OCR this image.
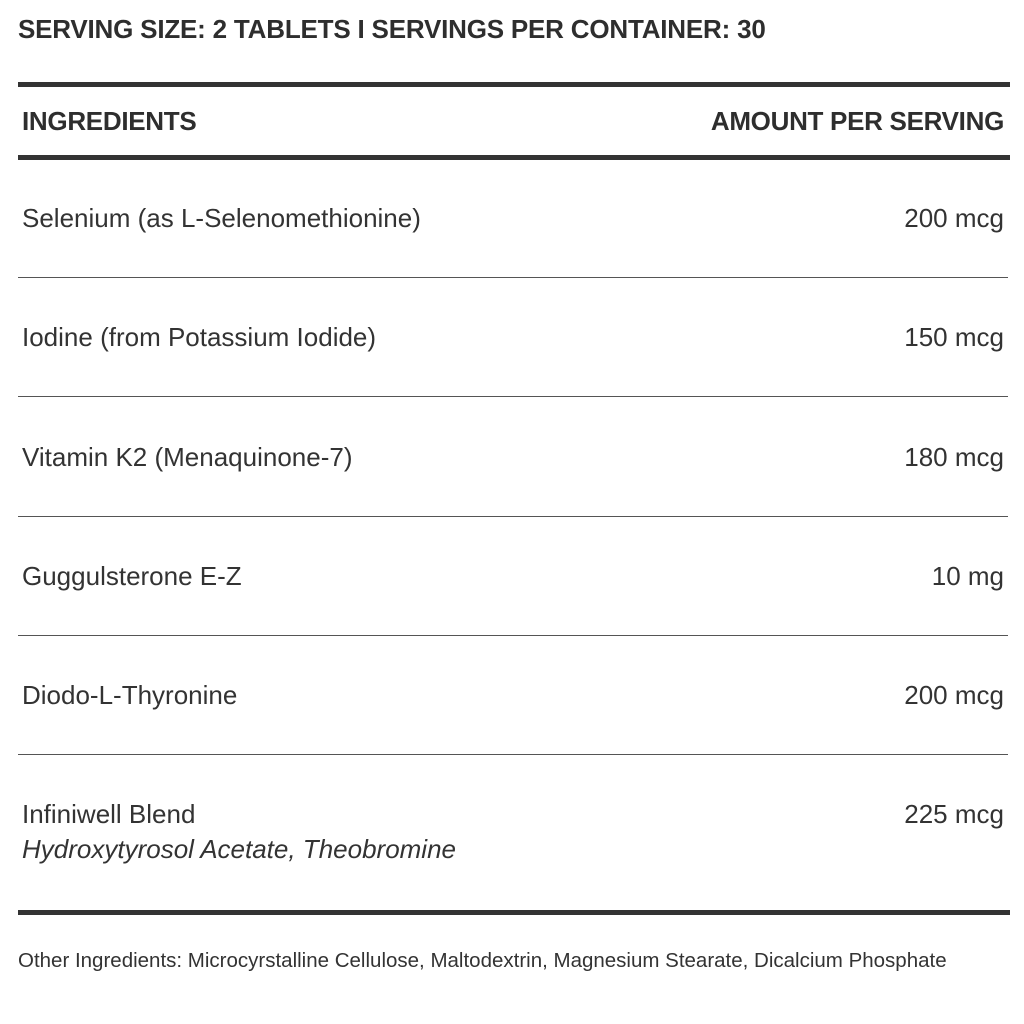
SERVING SIZE: 2 TABLETS I SERVINGS PER CONTAINER: 30
INGREDIENTS	AMOUNT PER SERVING
Selenium (as L-Selenomethionine)	200 mcg
Iodine (from Potassium Iodide)	150 mcg
Vitamin K2 (Menaquinone-7)	180 mcg
Guggulsterone E-Z	10 mg
Diodo-L-Thyronine	200 mcg
Infiniwell Blend	225 mcg
Hydroxytyrosol Acetate, Theobromine
Other Ingredients: Microcyrstalline Cellulose, Maltodextrin, Magnesium Stearate, Dicalcium Phosphate
